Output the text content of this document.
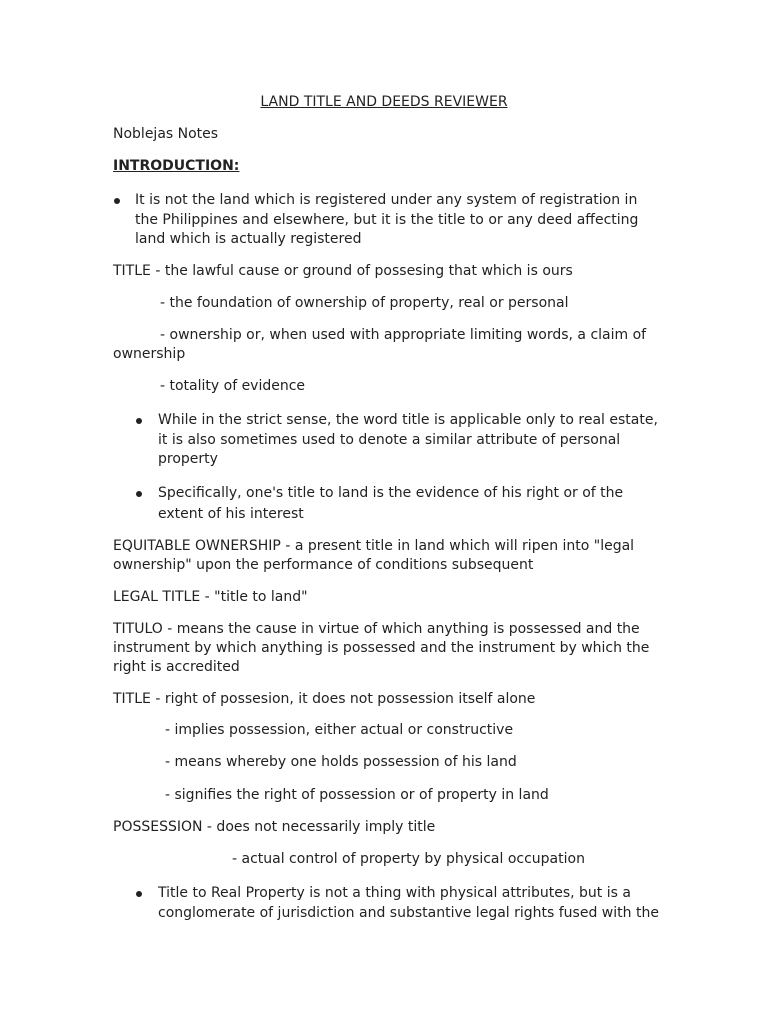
LAND TITLE AND DEEDS REVIEWER
Noblejas Notes
INTRODUCTION:
It is not the land which is registered under any system of registration in
the Philippines and elsewhere, but it is the title to or any deed affecting
land which is actually registered
TITLE - the lawful cause or ground of possesing that which is ours
- the foundation of ownership of property, real or personal
- ownership or, when used with appropriate limiting words, a claim of
ownership
- totality of evidence
While in the strict sense, the word title is applicable only to real estate,
it is also sometimes used to denote a similar attribute of personal
property
Specifically, one's title to land is the evidence of his right or of the
extent of his interest
EQUITABLE OWNERSHIP - a present title in land which will ripen into "legal
ownership" upon the performance of conditions subsequent
LEGAL TITLE - "title to land"
TITULO - means the cause in virtue of which anything is possessed and the
instrument by which anything is possessed and the instrument by which the
right is accredited
TITLE - right of possesion, it does not possession itself alone
- implies possession, either actual or constructive
- means whereby one holds possession of his land
- signifies the right of possession or of property in land
POSSESSION - does not necessarily imply title
- actual control of property by physical occupation
Title to Real Property is not a thing with physical attributes, but is a
conglomerate of jurisdiction and substantive legal rights fused with the
